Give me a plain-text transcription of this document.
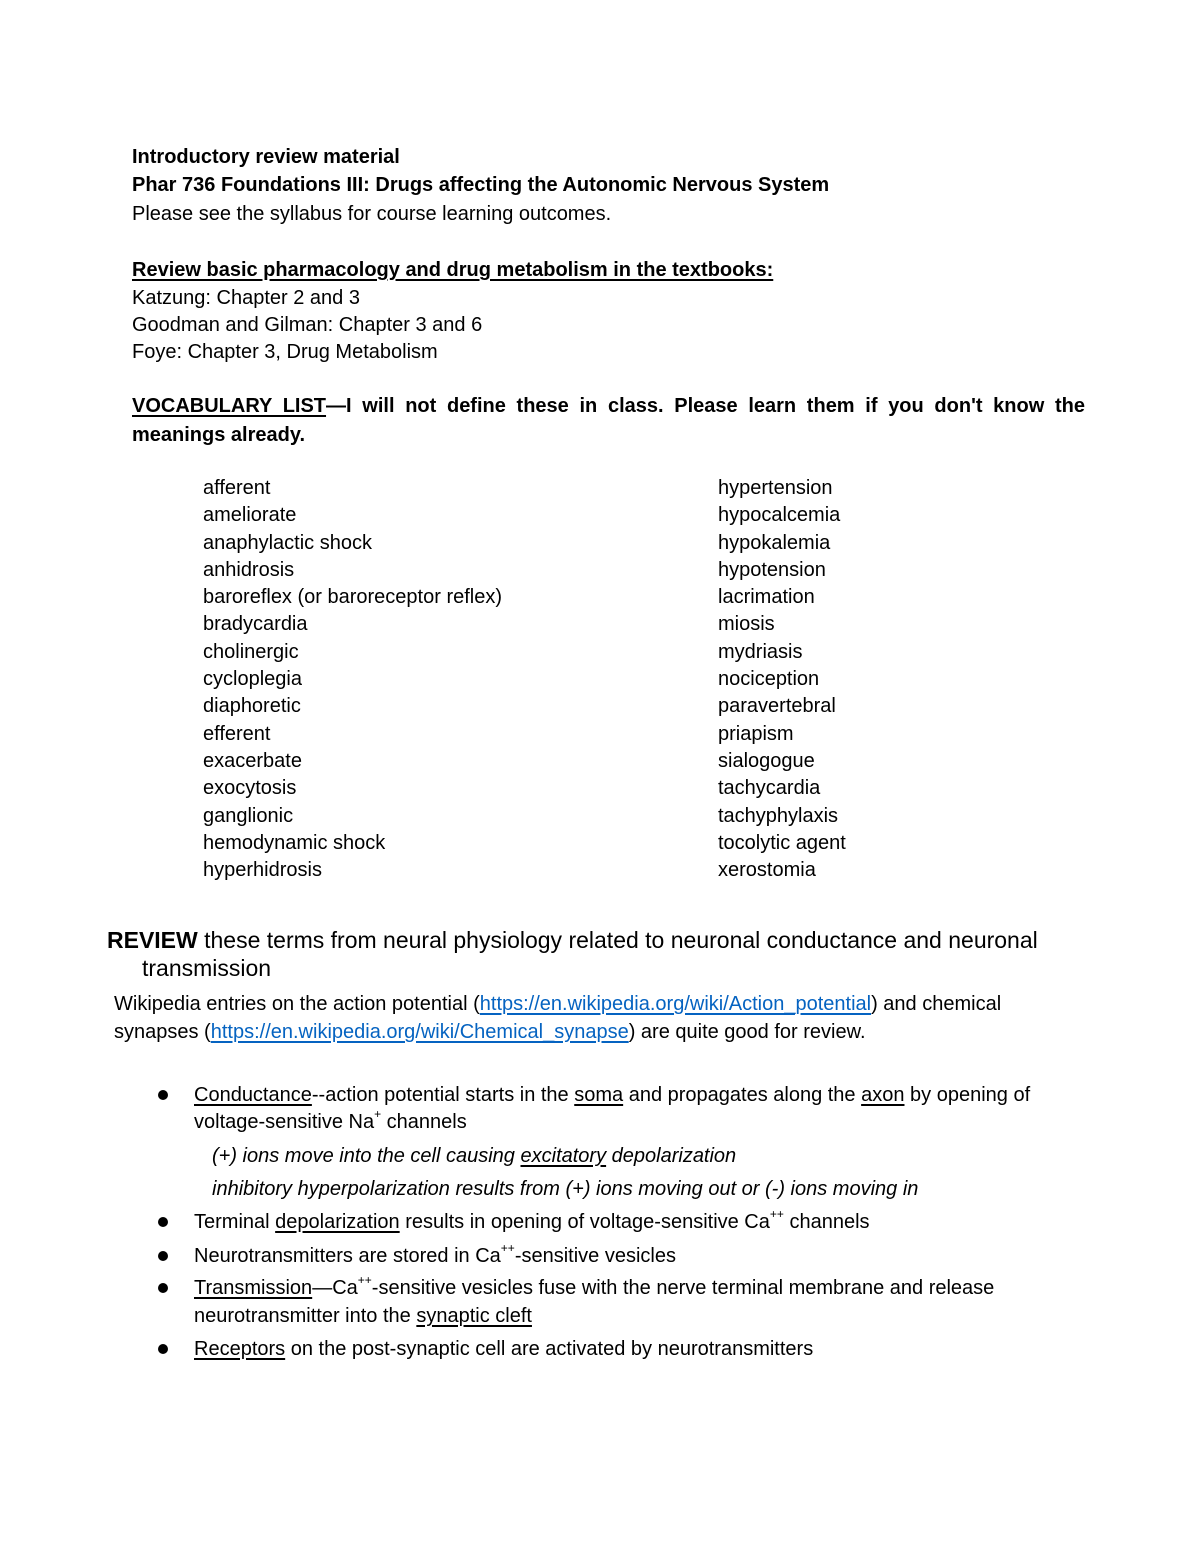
Introductory review material
Phar 736 Foundations III: Drugs affecting the Autonomic Nervous System
Please see the syllabus for course learning outcomes.
Review basic pharmacology and drug metabolism in the textbooks:
Katzung: Chapter 2 and 3
Goodman and Gilman: Chapter 3 and 6
Foye: Chapter 3, Drug Metabolism
VOCABULARY LIST—I will not define these in class. Please learn them if you don't know the
meanings already.
afferent
ameliorate
anaphylactic shock
anhidrosis
baroreflex (or baroreceptor reflex)
bradycardia
cholinergic
cycloplegia
diaphoretic
efferent
exacerbate
exocytosis
ganglionic
hemodynamic shock
hyperhidrosis
hypertension
hypocalcemia
hypokalemia
hypotension
lacrimation
miosis
mydriasis
nociception
paravertebral
priapism
sialogogue
tachycardia
tachyphylaxis
tocolytic agent
xerostomia
REVIEW these terms from neural physiology related to neuronal conductance and neuronal
transmission
Wikipedia entries on the action potential (https://en.wikipedia.org/wiki/Action_potential) and chemical
synapses (https://en.wikipedia.org/wiki/Chemical_synapse) are quite good for review.
Conductance--action potential starts in the soma and propagates along the axon by opening of
voltage-sensitive Na+ channels
(+) ions move into the cell causing excitatory depolarization
inhibitory hyperpolarization results from (+) ions moving out or (-) ions moving in
Terminal depolarization results in opening of voltage-sensitive Ca++ channels
Neurotransmitters are stored in Ca++-sensitive vesicles
Transmission—Ca++-sensitive vesicles fuse with the nerve terminal membrane and release
neurotransmitter into the synaptic cleft
Receptors on the post-synaptic cell are activated by neurotransmitters
